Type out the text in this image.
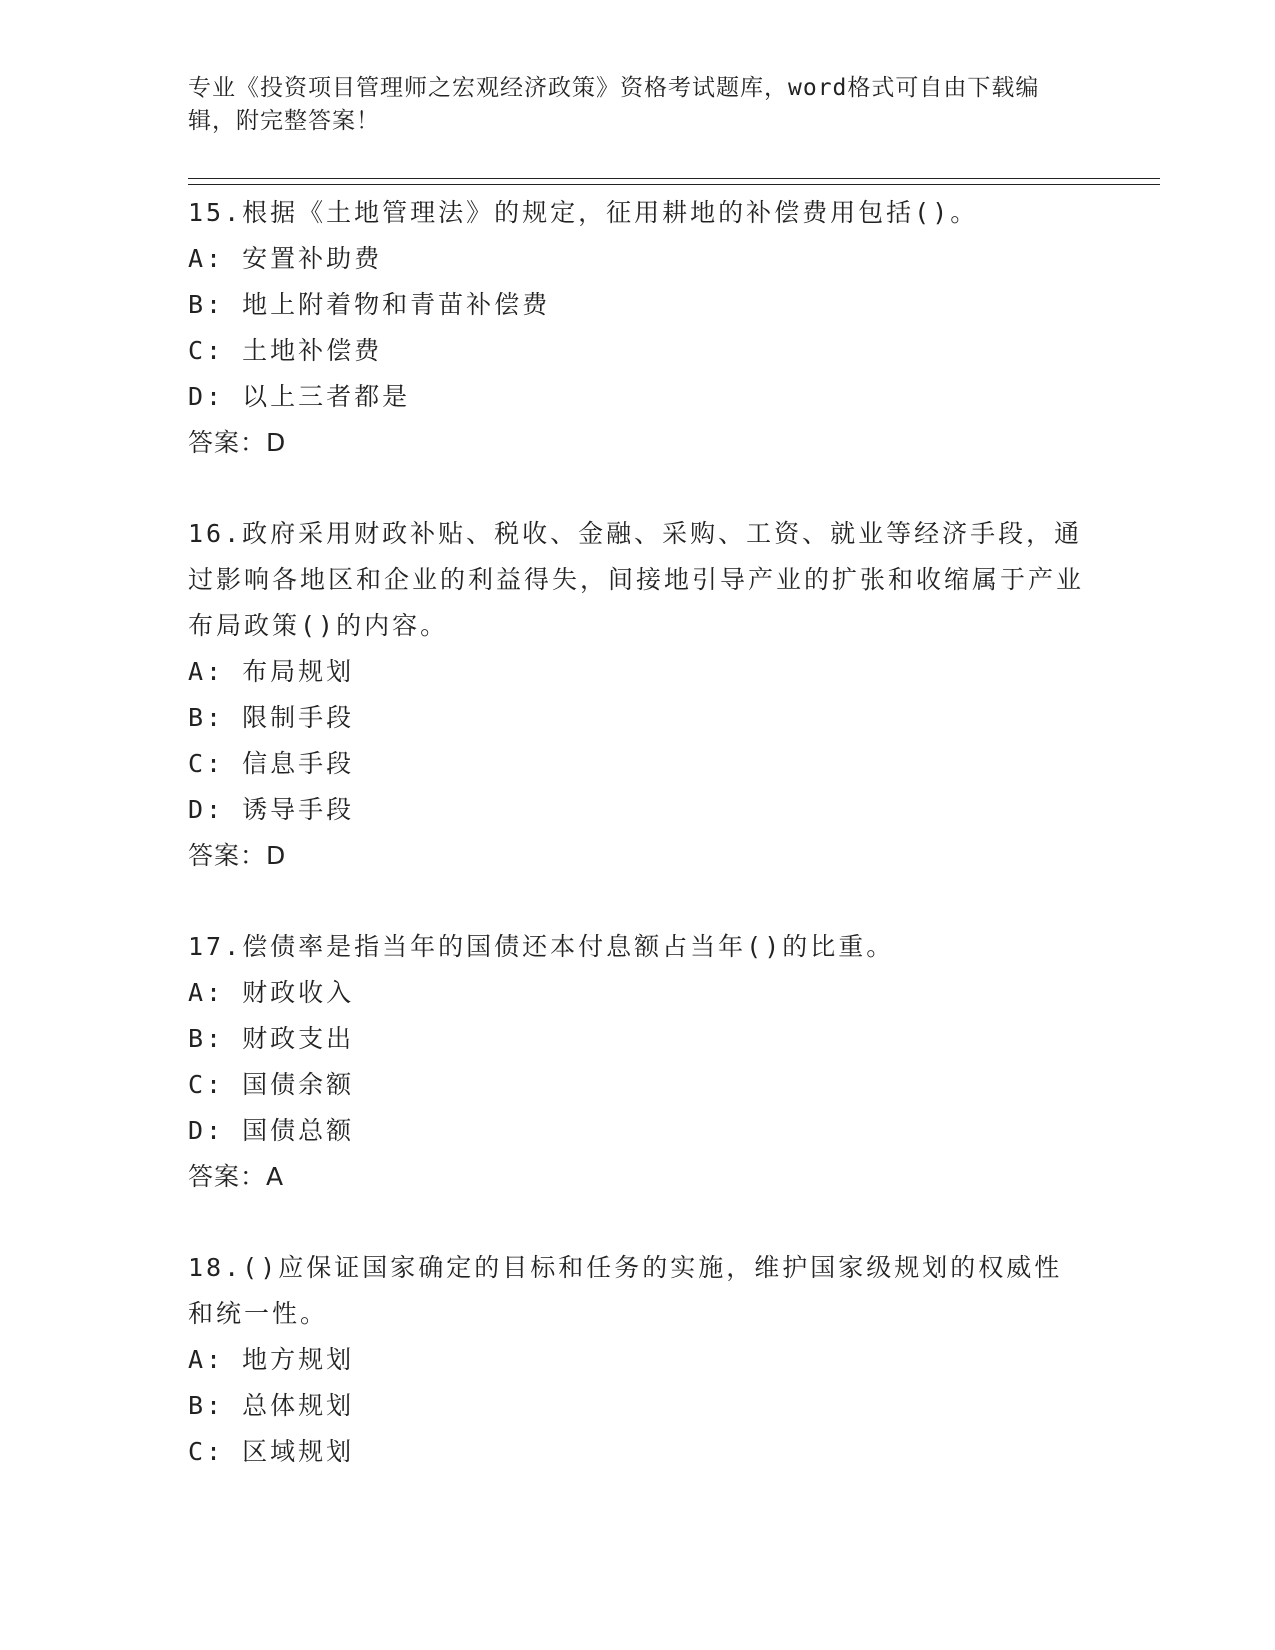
专业《投资项目管理师之宏观经济政策》资格考试题库，word格式可自由下载编辑，附完整答案！

15.根据《土地管理法》的规定，征用耕地的补偿费用包括()。

A: 安置补助费

B: 地上附着物和青苗补偿费

C: 土地补偿费

D: 以上三者都是

答案：D

16.政府采用财政补贴、税收、金融、采购、工资、就业等经济手段，通过影响各地区和企业的利益得失，间接地引导产业的扩张和收缩属于产业布局政策()的内容。

A: 布局规划

B: 限制手段

C: 信息手段

D: 诱导手段

答案：D

17.偿债率是指当年的国债还本付息额占当年()的比重。

A: 财政收入

B: 财政支出

C: 国债余额

D: 国债总额

答案：A

18.()应保证国家确定的目标和任务的实施，维护国家级规划的权威性和统一性。

A: 地方规划

B: 总体规划

C: 区域规划
